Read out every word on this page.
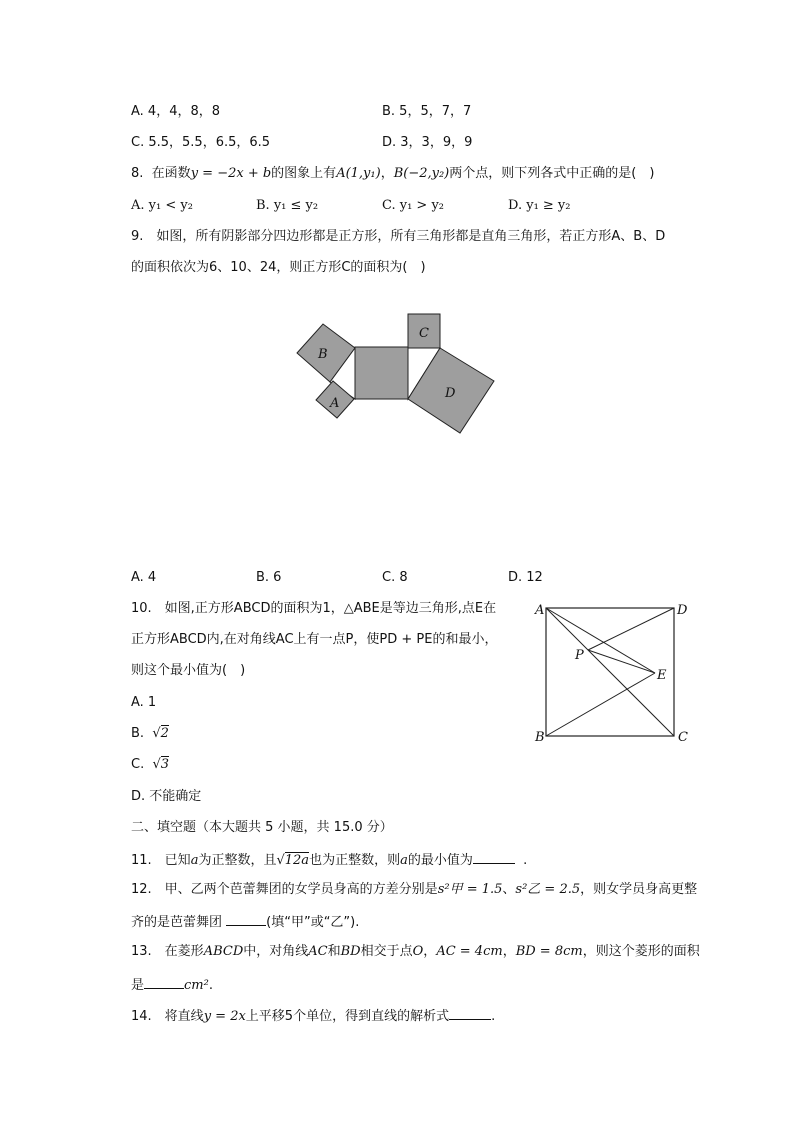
A. 4，4，8，8	B. 5，5，7，7
C. 5.5，5.5，6.5，6.5	D. 3，3，9，9
8. 在函数y = −2x + b的图象上有A(1,y₁)，B(−2,y₂)两个点，则下列各式中正确的是(　)
A. y₁ < y₂	B. y₁ ≤ y₂	C. y₁ > y₂	D. y₁ ≥ y₂
9.　如图，所有阴影部分四边形都是正方形，所有三角形都是直角三角形，若正方形A、B、D
的面积依次为6、10、24，则正方形C的面积为(　)
B
C
A
D
A. 4	B. 6	C. 8	D. 12
10.　如图,正方形ABCD的面积为1，△ABE是等边三角形,点E在
正方形ABCD内,在对角线AC上有一点P，使PD + PE的和最小，
则这个最小值为(　)
A. 1
B. √2
C. √3
D. 不能确定
A	D
P
E
B	C
二、填空题（本大题共 5 小题，共 15.0 分）
11.　已知a为正整数，且√12a也为正整数，则a的最小值为	.
12.　甲、乙两个芭蕾舞团的女学员身高的方差分别是s²甲 = 1.5、s²乙 = 2.5，则女学员身高更整
齐的是芭蕾舞团	(填“甲”或“乙”).
13.　在菱形ABCD中，对角线AC和BD相交于点O，AC = 4cm，BD = 8cm，则这个菱形的面积
是	cm².
14.　将直线y = 2x上平移5个单位，得到直线的解析式	.
